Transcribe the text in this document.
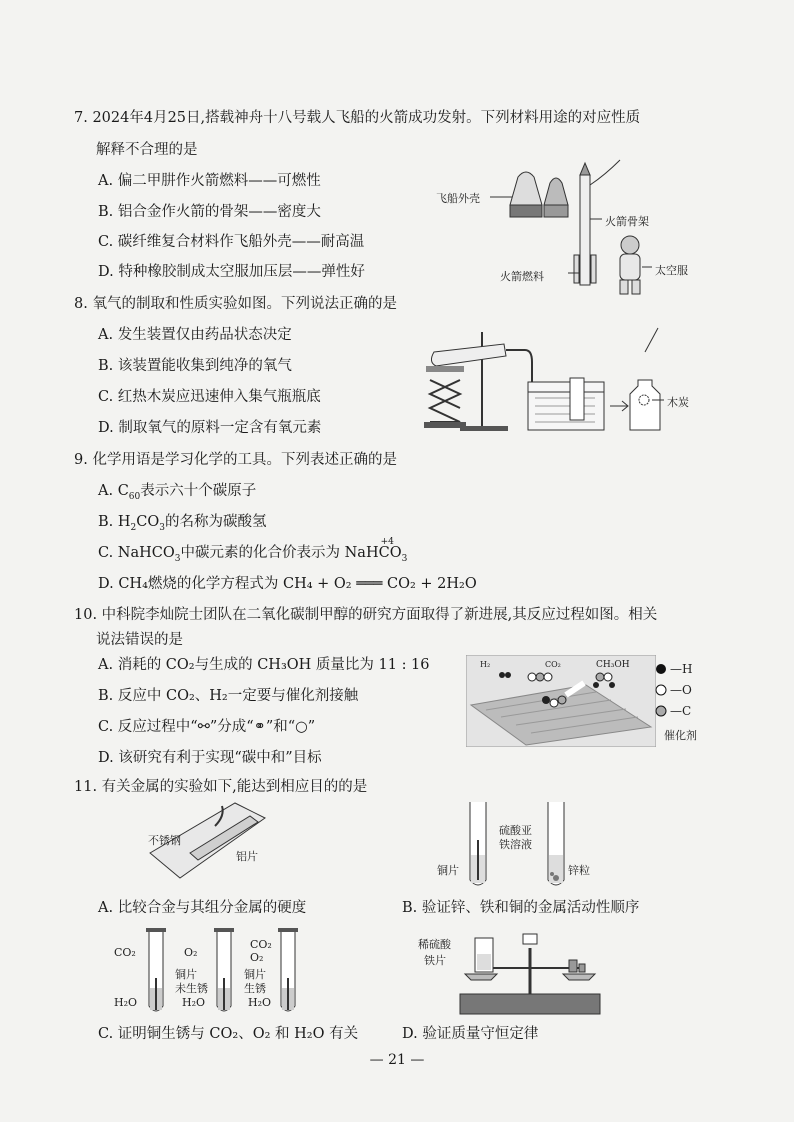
7. 2024年4月25日,搭载神舟十八号载人飞船的火箭成功发射。下列材料用途的对应性质
解释不合理的是
A. 偏二甲肼作火箭燃料——可燃性
B. 铝合金作火箭的骨架——密度大
C. 碳纤维复合材料作飞船外壳——耐高温
D. 特种橡胶制成太空服加压层——弹性好
飞船外壳
火箭骨架
火箭燃料	太空服
8. 氧气的制取和性质实验如图。下列说法正确的是
A. 发生装置仅由药品状态决定
B. 该装置能收集到纯净的氧气
C. 红热木炭应迅速伸入集气瓶瓶底
D. 制取氧气的原料一定含有氧元素
木炭
9. 化学用语是学习化学的工具。下列表述正确的是
A. $C_{60}$表示六十个碳原子
B. $H_2CO_3$的名称为碳酸氢
C. NaHCO$_3$中碳元素的化合价表示为 NaH
+4
$CO_3$
D. CH₄燃烧的化学方程式为 CH₄ + O₂ ═══ CO₂ + 2H₂O
10. 中科院李灿院士团队在二氧化碳制甲醇的研究方面取得了新进展,其反应过程如图。相关
说法错误的是
A. 消耗的 CO₂与生成的 CH₃OH 质量比为 11 : 16
B. 反应中 CO₂、H₂一定要与催化剂接触
C. 反应过程中“⚯”分成“⚭”和“○”
D. 该研究有利于实现“碳中和”目标
H₂	CO₂	CH₃OH	—H
—O
—C
催化剂
11. 有关金属的实验如下,能达到相应目的的是
不锈钢
铝片
硫酸亚
铁溶液
铜片	锌粒
A. 比较合金与其组分金属的硬度	B. 验证锌、铁和铜的金属活动性顺序
CO₂	O₂
CO₂
O₂
铜片
未生锈
铜片
生锈
H₂O	H₂O	H₂O
稀硫酸
铁片
C. 证明铜生锈与 CO₂、O₂ 和 H₂O 有关	D. 验证质量守恒定律
— 21 —
